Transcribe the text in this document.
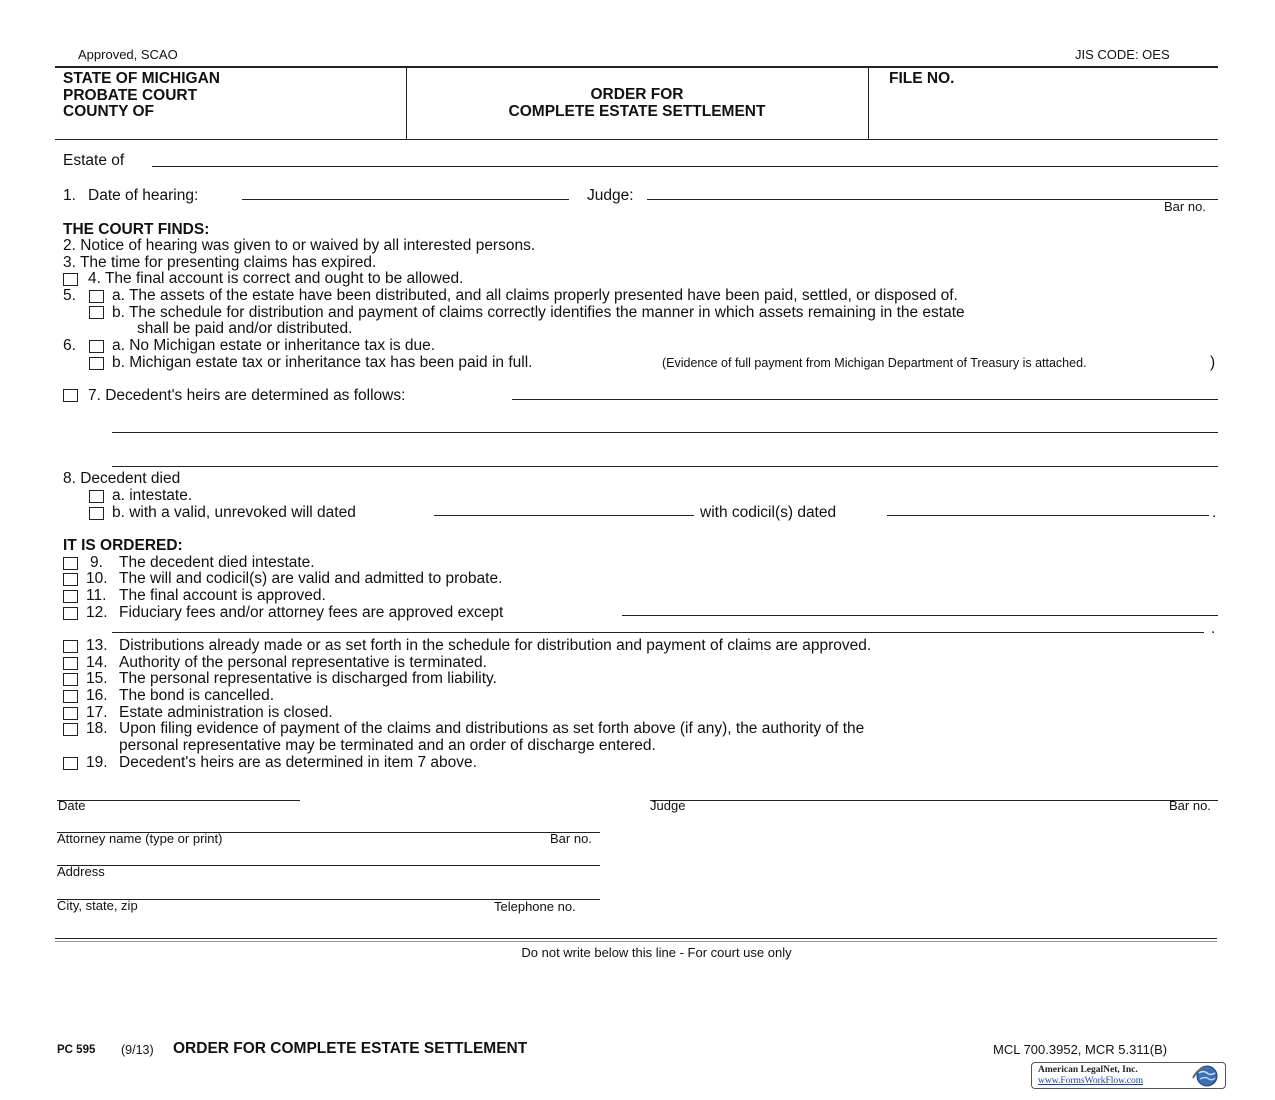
Approved, SCAO	JIS CODE: OES
STATE OF MICHIGAN
PROBATE COURT
COUNTY OF
ORDER FOR
COMPLETE ESTATE SETTLEMENT
FILE NO.
Estate of
1. Date of hearing:	Judge:
Bar no.
THE COURT FINDS:
2. Notice of hearing was given to or waived by all interested persons.
3. The time for presenting claims has expired.
4. The final account is correct and ought to be allowed.
5. a. The assets of the estate have been distributed, and all claims properly presented have been paid, settled, or disposed of.
b. The schedule for distribution and payment of claims correctly identifies the manner in which assets remaining in the estate
shall be paid and/or distributed.
6. a. No Michigan estate or inheritance tax is due.
b. Michigan estate tax or inheritance tax has been paid in full.	(Evidence of full payment from Michigan Department of Treasury is attached.	)
7. Decedent's heirs are determined as follows:
8. Decedent died
a. intestate.
b. with a valid, unrevoked will dated	with codicil(s) dated	.
IT IS ORDERED:
9. The decedent died intestate.
10. The will and codicil(s) are valid and admitted to probate.
11. The final account is approved.
12. Fiduciary fees and/or attorney fees are approved except
13. Distributions already made or as set forth in the schedule for distribution and payment of claims are approved.
14. Authority of the personal representative is terminated.
15. The personal representative is discharged from liability.
16. The bond is cancelled.
17. Estate administration is closed.
18. Upon filing evidence of payment of the claims and distributions as set forth above (if any), the authority of the
19. Decedent's heirs are as determined in item 7 above.
.
personal representative may be terminated and an order of discharge entered.
Date	Judge	Bar no.
Attorney name (type or print)	Bar no.
Address
City, state, zip	Telephone no.
Do not write below this line - For court use only
PC 595 (9/13) ORDER FOR COMPLETE ESTATE SETTLEMENT	MCL 700.3952, MCR 5.311(B)
American LegalNet, Inc.
www.FormsWorkFlow.com
